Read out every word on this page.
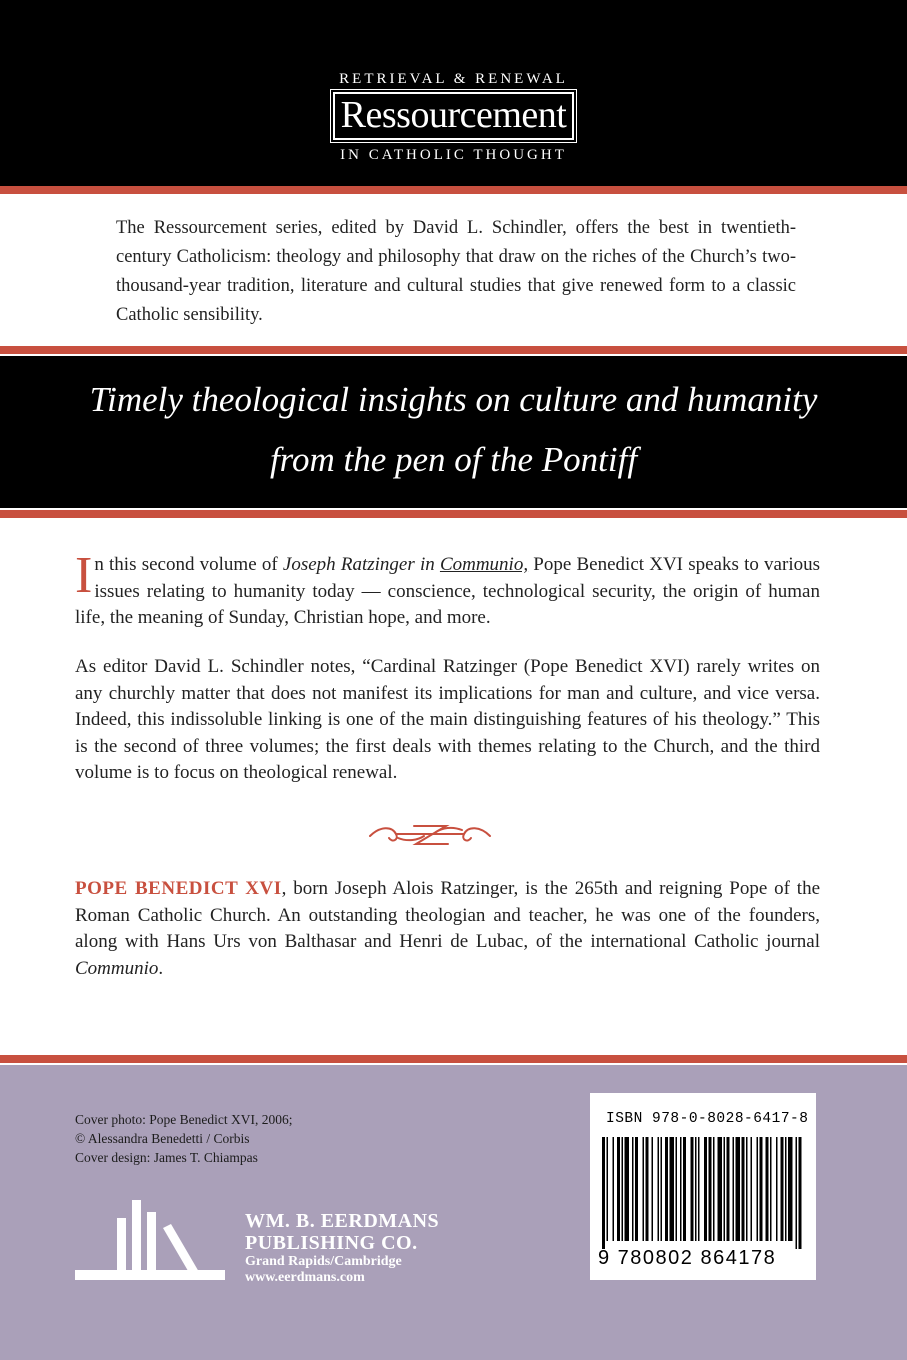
RETRIEVAL & RENEWAL
Ressourcement
IN CATHOLIC THOUGHT
The Ressourcement series, edited by David L. Schindler, offers the best in twentieth-century Catholicism: theology and philosophy that draw on the riches of the Church’s two-thousand-year tradition, literature and cultural studies that give renewed form to a classic Catholic sensibility.
Timely theological insights on culture and humanity
from the pen of the Pontiff
In this second volume of Joseph Ratzinger in Communio, Pope Benedict XVI speaks to various issues relating to humanity today — conscience, technological security, the origin of human life, the meaning of Sunday, Christian hope, and more.
As editor David L. Schindler notes, “Cardinal Ratzinger (Pope Benedict XVI) rarely writes on any churchly matter that does not manifest its implications for man and culture, and vice versa. Indeed, this indissoluble linking is one of the main distinguishing features of his theology.” This is the second of three volumes; the first deals with themes relating to the Church, and the third volume is to focus on theological renewal.
POPE BENEDICT XVI, born Joseph Alois Ratzinger, is the 265th and reigning Pope of the Roman Catholic Church. An outstanding theologian and teacher, he was one of the founders, along with Hans Urs von Balthasar and Henri de Lubac, of the international Catholic journal Communio.
Cover photo: Pope Benedict XVI, 2006;
© Alessandra Benedetti / Corbis
Cover design: James T. Chiampas
WM. B. EERDMANS
PUBLISHING CO.
Grand Rapids/Cambridge
www.eerdmans.com
ISBN 978-0-8028-6417-8
9 780802 864178
